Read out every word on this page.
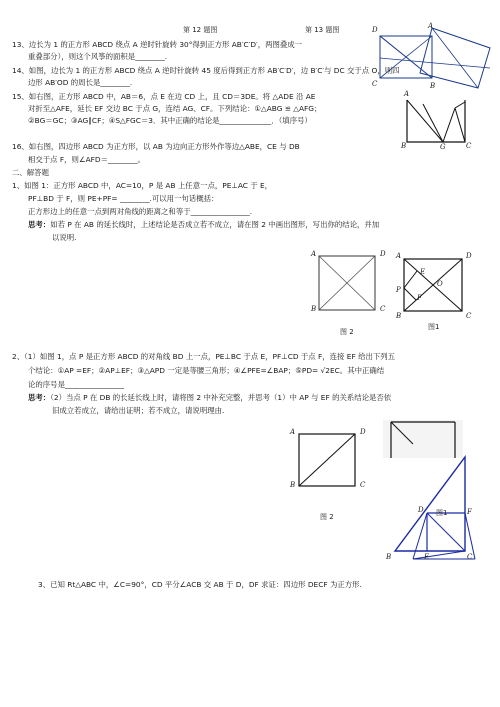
第 12 题图	第 13 题图	D	A
C	B
13、边长为 1 的正方形 ABCD 绕点 A 逆时针旋转 30°得到正方形 AB′C′D′，两图叠成一
重叠部分），则这个风筝的面积是________.
14、如图，边长为 1 的正方形 ABCD 绕点 A 逆时针旋转 45 度后得到正方形 AB′C′D′，边 B′C′与 DC 交于点 O，则四
边形 AB′OD 的周长是________.
A
B	G	C
15、如右图，正方形 ABCD 中，AB＝6，点 E 在边 CD 上，且 CD＝3DE。将 △ADE 沿 AE
对折至△AFE，延长 EF 交边 BC 于点 G，连结 AG、CF。下列结论：①△ABG ≌ △AFG；
②BG＝GC；③AG∥CF；④S△FGC＝3．其中正确的结论是______________．（填序号）
16、如右图，四边形 ABCD 为正方形，以 AB 为边向正方形外作等边△ABE，CE 与 DB
相交于点 F，则∠AFD＝________。
二、解答题
1、如图 1：正方形 ABCD 中，AC=10，P 是 AB 上任意一点，PE⊥AC 于 E，
PF⊥BD 于 F，则 PE+PF= ________.可以用一句话概括：
正方形边上的任意一点到两对角线的距离之和等于________________.
思考：如若 P 在 AB 的延长线时，上述结论是否成立若不成立，请在图 2 中画出图形，写出你的结论，并加
以说明.
A
B
D
C
图 2
A	D
E
O
P
F
B	C
图1
2、（1）如图 1，点 P 是正方形 ABCD 的对角线 BD 上一点，PE⊥BC 于点 E，PF⊥CD 于点 F，连接 EF 给出下列五
个结论：①AP =EF；②AP⊥EF；③△APD 一定是等腰三角形；④∠PFE=∠BAP；⑤PD= √2EC。其中正确结
论的序号是________________
思考：（2）当点 P 在 DB 的长延长线上时，请将图 2 中补充完整，并思考（1）中 AP 与 EF 的关系结论是否依
旧成立若成立，请给出证明；若不成立，请说明理由.
A	D
B	C
图 2
D 图1	F
E	C
B
3、已知 Rt△ABC 中，∠C=90°，CD 平分∠ACB 交 AB 于 D，DF 求证：四边形 DECF 为正方形.
